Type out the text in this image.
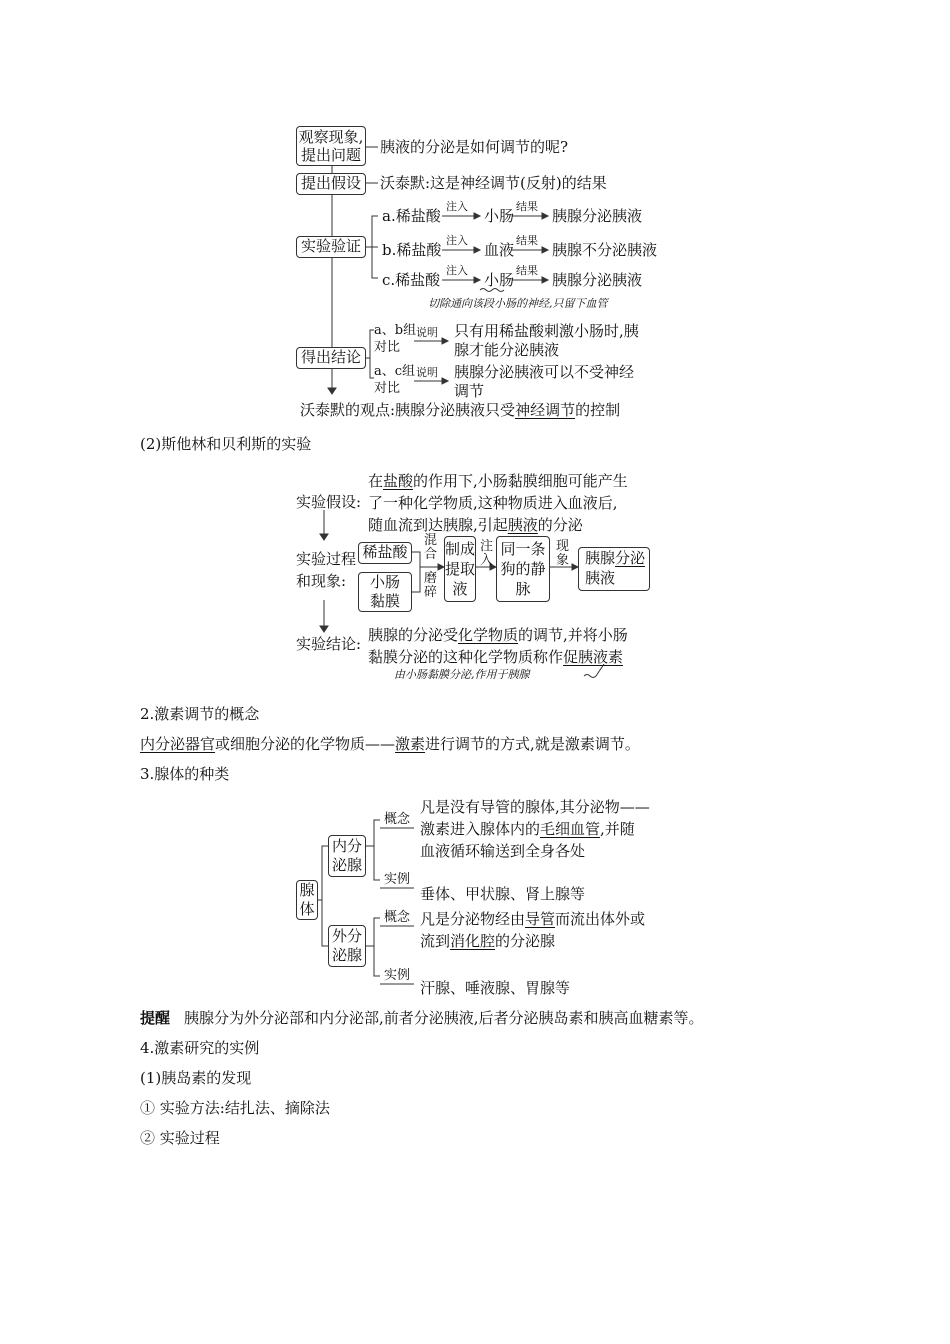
观察现象,
提出问题	胰液的分泌是如何调节的呢?
提出假设	沃泰默:这是神经调节(反射)的结果
实验验证
a.稀盐酸
注入
小肠
结果
胰腺分泌胰液
b.稀盐酸
注入
血液
结果
胰腺不分泌胰液
c.稀盐酸
注入
小肠
结果
胰腺分泌胰液
切除通向该段小肠的神经,只留下血管
得出结论
a、b组
对比
说明 只有用稀盐酸刺激小肠时,胰
腺才能分泌胰液
a、c组
对比
说明 胰腺分泌胰液可以不受神经
调节
沃泰默的观点:胰腺分泌胰液只受神经调节的控制
(2)斯他林和贝利斯的实验
实验假设:
在盐酸的作用下,小肠黏膜细胞可能产生
了一种化学物质,这种物质进入血液后,
随血流到达胰腺,引起胰液的分泌
实验过程
和现象:
稀盐酸
小肠
黏膜
混
合
磨
碎
制成
提取
液
注
入
同一条
狗的静
脉
现
象 胰腺分泌
胰液
实验结论: 胰腺的分泌受化学物质的调节,并将小肠
黏膜分泌的这种化学物质称作促胰液素
由小肠黏膜分泌,作用于胰腺
2.激素调节的概念
内分泌器官或细胞分泌的化学物质——激素进行调节的方式,就是激素调节。
3.腺体的种类
腺
体
内分
泌腺
外分
泌腺
概念
凡是没有导管的腺体,其分泌物——
激素进入腺体内的毛细血管,并随
血液循环输送到全身各处
实例
垂体、甲状腺、肾上腺等
概念 凡是分泌物经由导管而流出体外或
流到消化腔的分泌腺
实例
汗腺、唾液腺、胃腺等
提醒 胰腺分为外分泌部和内分泌部,前者分泌胰液,后者分泌胰岛素和胰高血糖素等。
4.激素研究的实例
(1)胰岛素的发现
① 实验方法:结扎法、摘除法
② 实验过程
